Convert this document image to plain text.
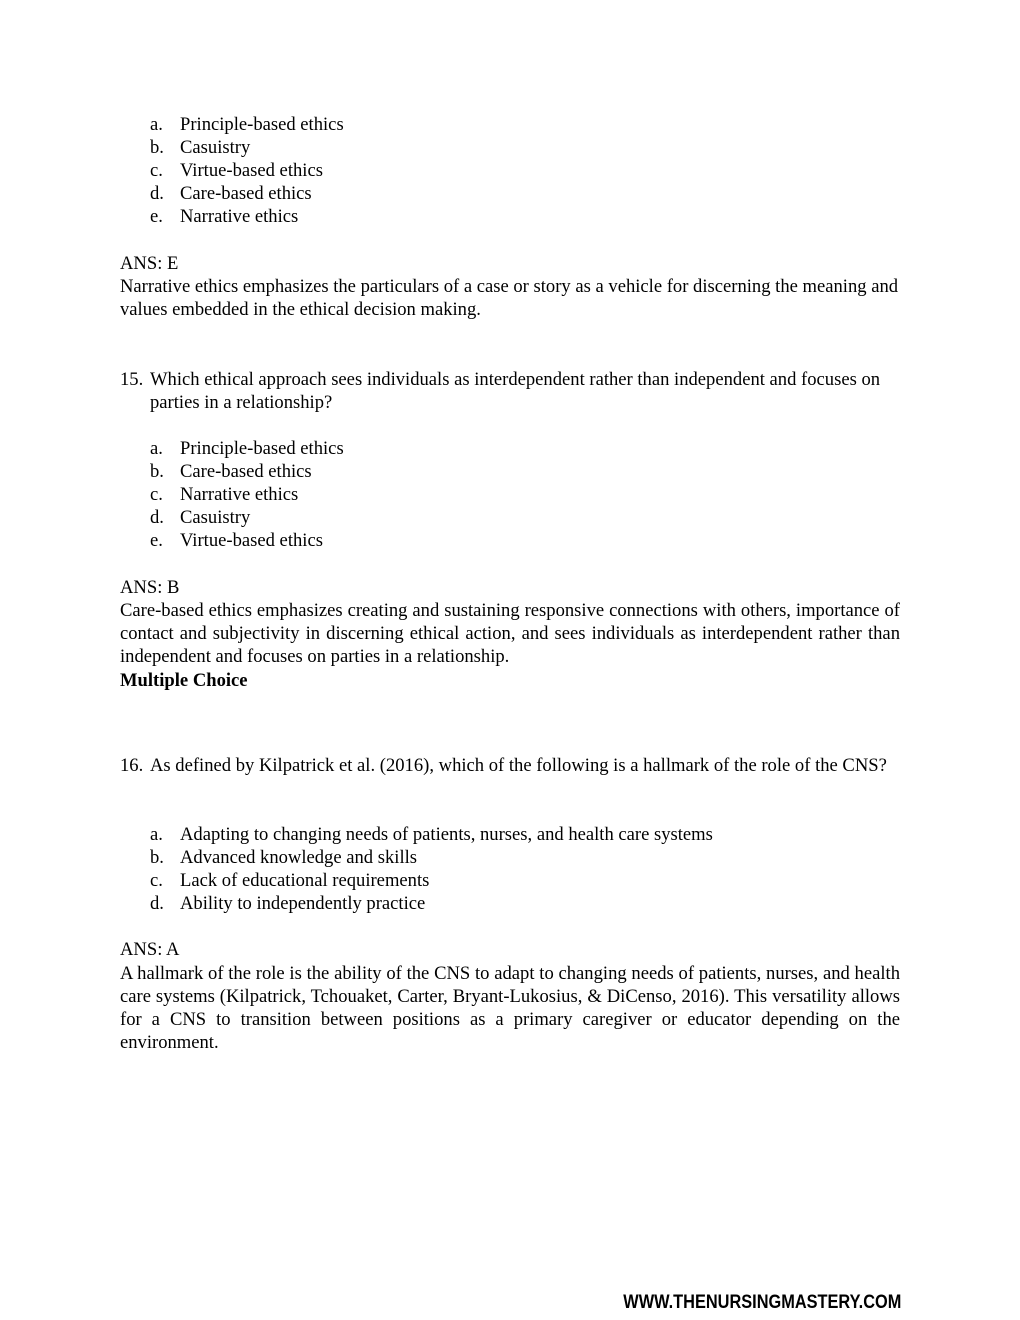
a. Principle-based ethics
b. Casuistry
c. Virtue-based ethics
d. Care-based ethics
e. Narrative ethics
ANS: E
Narrative ethics emphasizes the particulars of a case or story as a vehicle for discerning the meaning and values embedded in the ethical decision making.
15. Which ethical approach sees individuals as interdependent rather than independent and focuses on parties in a relationship?
a. Principle-based ethics
b. Care-based ethics
c. Narrative ethics
d. Casuistry
e. Virtue-based ethics
ANS: B
Care-based ethics emphasizes creating and sustaining responsive connections with others, importance of contact and subjectivity in discerning ethical action, and sees individuals as interdependent rather than independent and focuses on parties in a relationship.
Multiple Choice
16. As defined by Kilpatrick et al. (2016), which of the following is a hallmark of the role of the CNS?
a. Adapting to changing needs of patients, nurses, and health care systems
b. Advanced knowledge and skills
c. Lack of educational requirements
d. Ability to independently practice
ANS: A
A hallmark of the role is the ability of the CNS to adapt to changing needs of patients, nurses, and health care systems (Kilpatrick, Tchouaket, Carter, Bryant-Lukosius, & DiCenso, 2016). This versatility allows for a CNS to transition between positions as a primary caregiver or educator depending on the environment.
WWW.THENURSINGMASTERY.COM
